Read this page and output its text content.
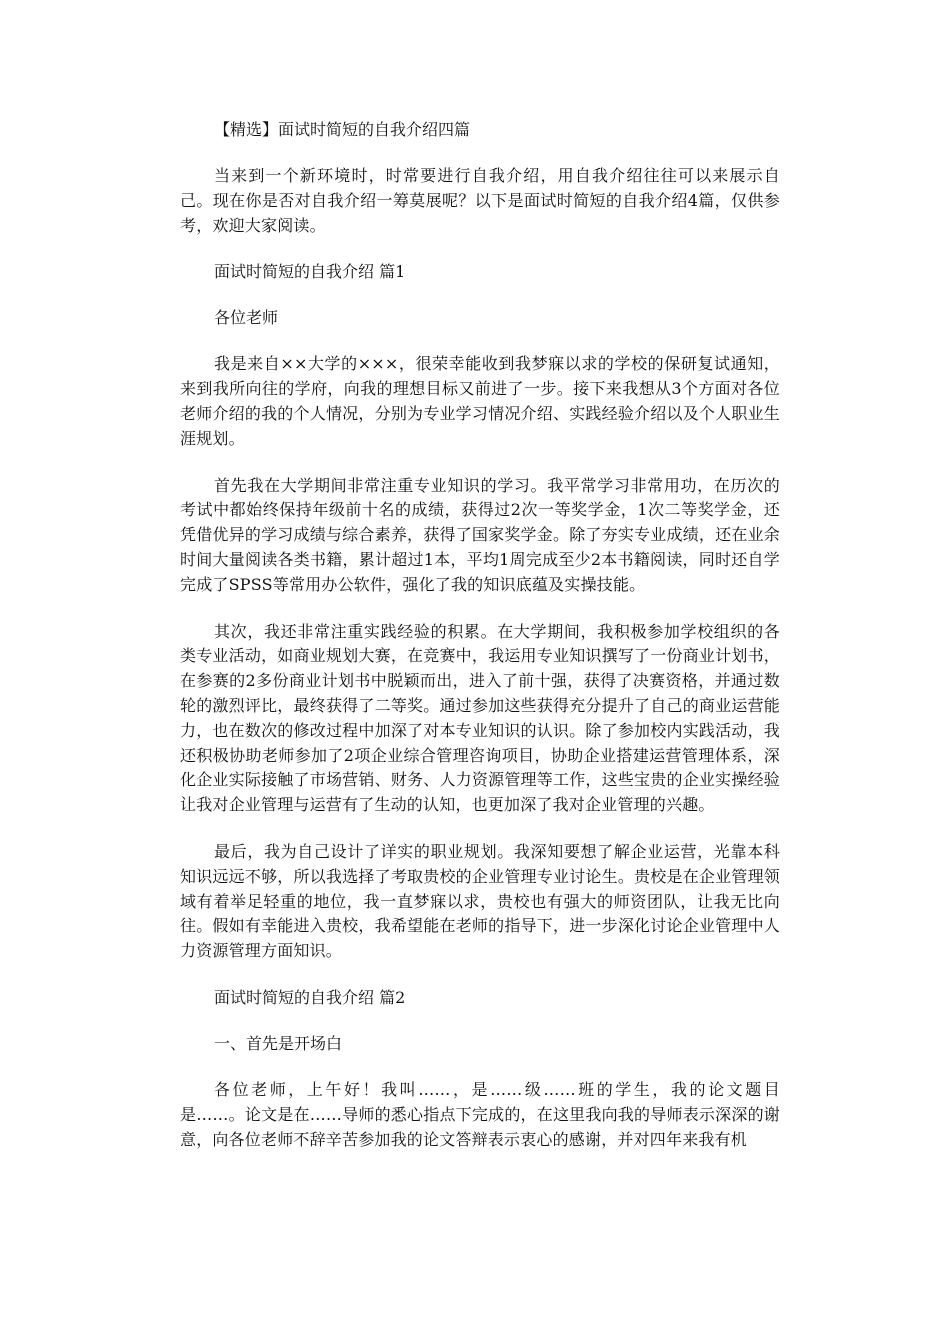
【精选】面试时简短的自我介绍四篇

当来到一个新环境时，时常要进行自我介绍，用自我介绍往往可以来展示自己。现在你是否对自我介绍一筹莫展呢？以下是面试时简短的自我介绍4篇，仅供参考，欢迎大家阅读。

面试时简短的自我介绍 篇1

各位老师

我是来自××大学的×××，很荣幸能收到我梦寐以求的学校的保研复试通知，来到我所向往的学府，向我的理想目标又前进了一步。接下来我想从3个方面对各位老师介绍的我的个人情况，分别为专业学习情况介绍、实践经验介绍以及个人职业生涯规划。

首先我在大学期间非常注重专业知识的学习。我平常学习非常用功，在历次的考试中都始终保持年级前十名的成绩，获得过2次一等奖学金，1次二等奖学金，还凭借优异的学习成绩与综合素养，获得了国家奖学金。除了夯实专业成绩，还在业余时间大量阅读各类书籍，累计超过1本，平均1周完成至少2本书籍阅读，同时还自学完成了SPSS等常用办公软件，强化了我的知识底蕴及实操技能。

其次，我还非常注重实践经验的积累。在大学期间，我积极参加学校组织的各类专业活动，如商业规划大赛，在竞赛中，我运用专业知识撰写了一份商业计划书，在参赛的2多份商业计划书中脱颖而出，进入了前十强，获得了决赛资格，并通过数轮的激烈评比，最终获得了二等奖。通过参加这些获得充分提升了自己的商业运营能力，也在数次的修改过程中加深了对本专业知识的认识。除了参加校内实践活动，我还积极协助老师参加了2项企业综合管理咨询项目，协助企业搭建运营管理体系，深化企业实际接触了市场营销、财务、人力资源管理等工作，这些宝贵的企业实操经验让我对企业管理与运营有了生动的认知，也更加深了我对企业管理的兴趣。

最后，我为自己设计了详实的职业规划。我深知要想了解企业运营，光靠本科知识远远不够，所以我选择了考取贵校的企业管理专业讨论生。贵校是在企业管理领域有着举足轻重的地位，我一直梦寐以求，贵校也有强大的师资团队，让我无比向往。假如有幸能进入贵校，我希望能在老师的指导下，进一步深化讨论企业管理中人力资源管理方面知识。

面试时简短的自我介绍 篇2

一、首先是开场白

各位老师，上午好！我叫……，是……级……班的学生，我的论文题目是……。论文是在……导师的悉心指点下完成的，在这里我向我的导师表示深深的谢意，向各位老师不辞辛苦参加我的论文答辩表示衷心的感谢，并对四年来我有机
